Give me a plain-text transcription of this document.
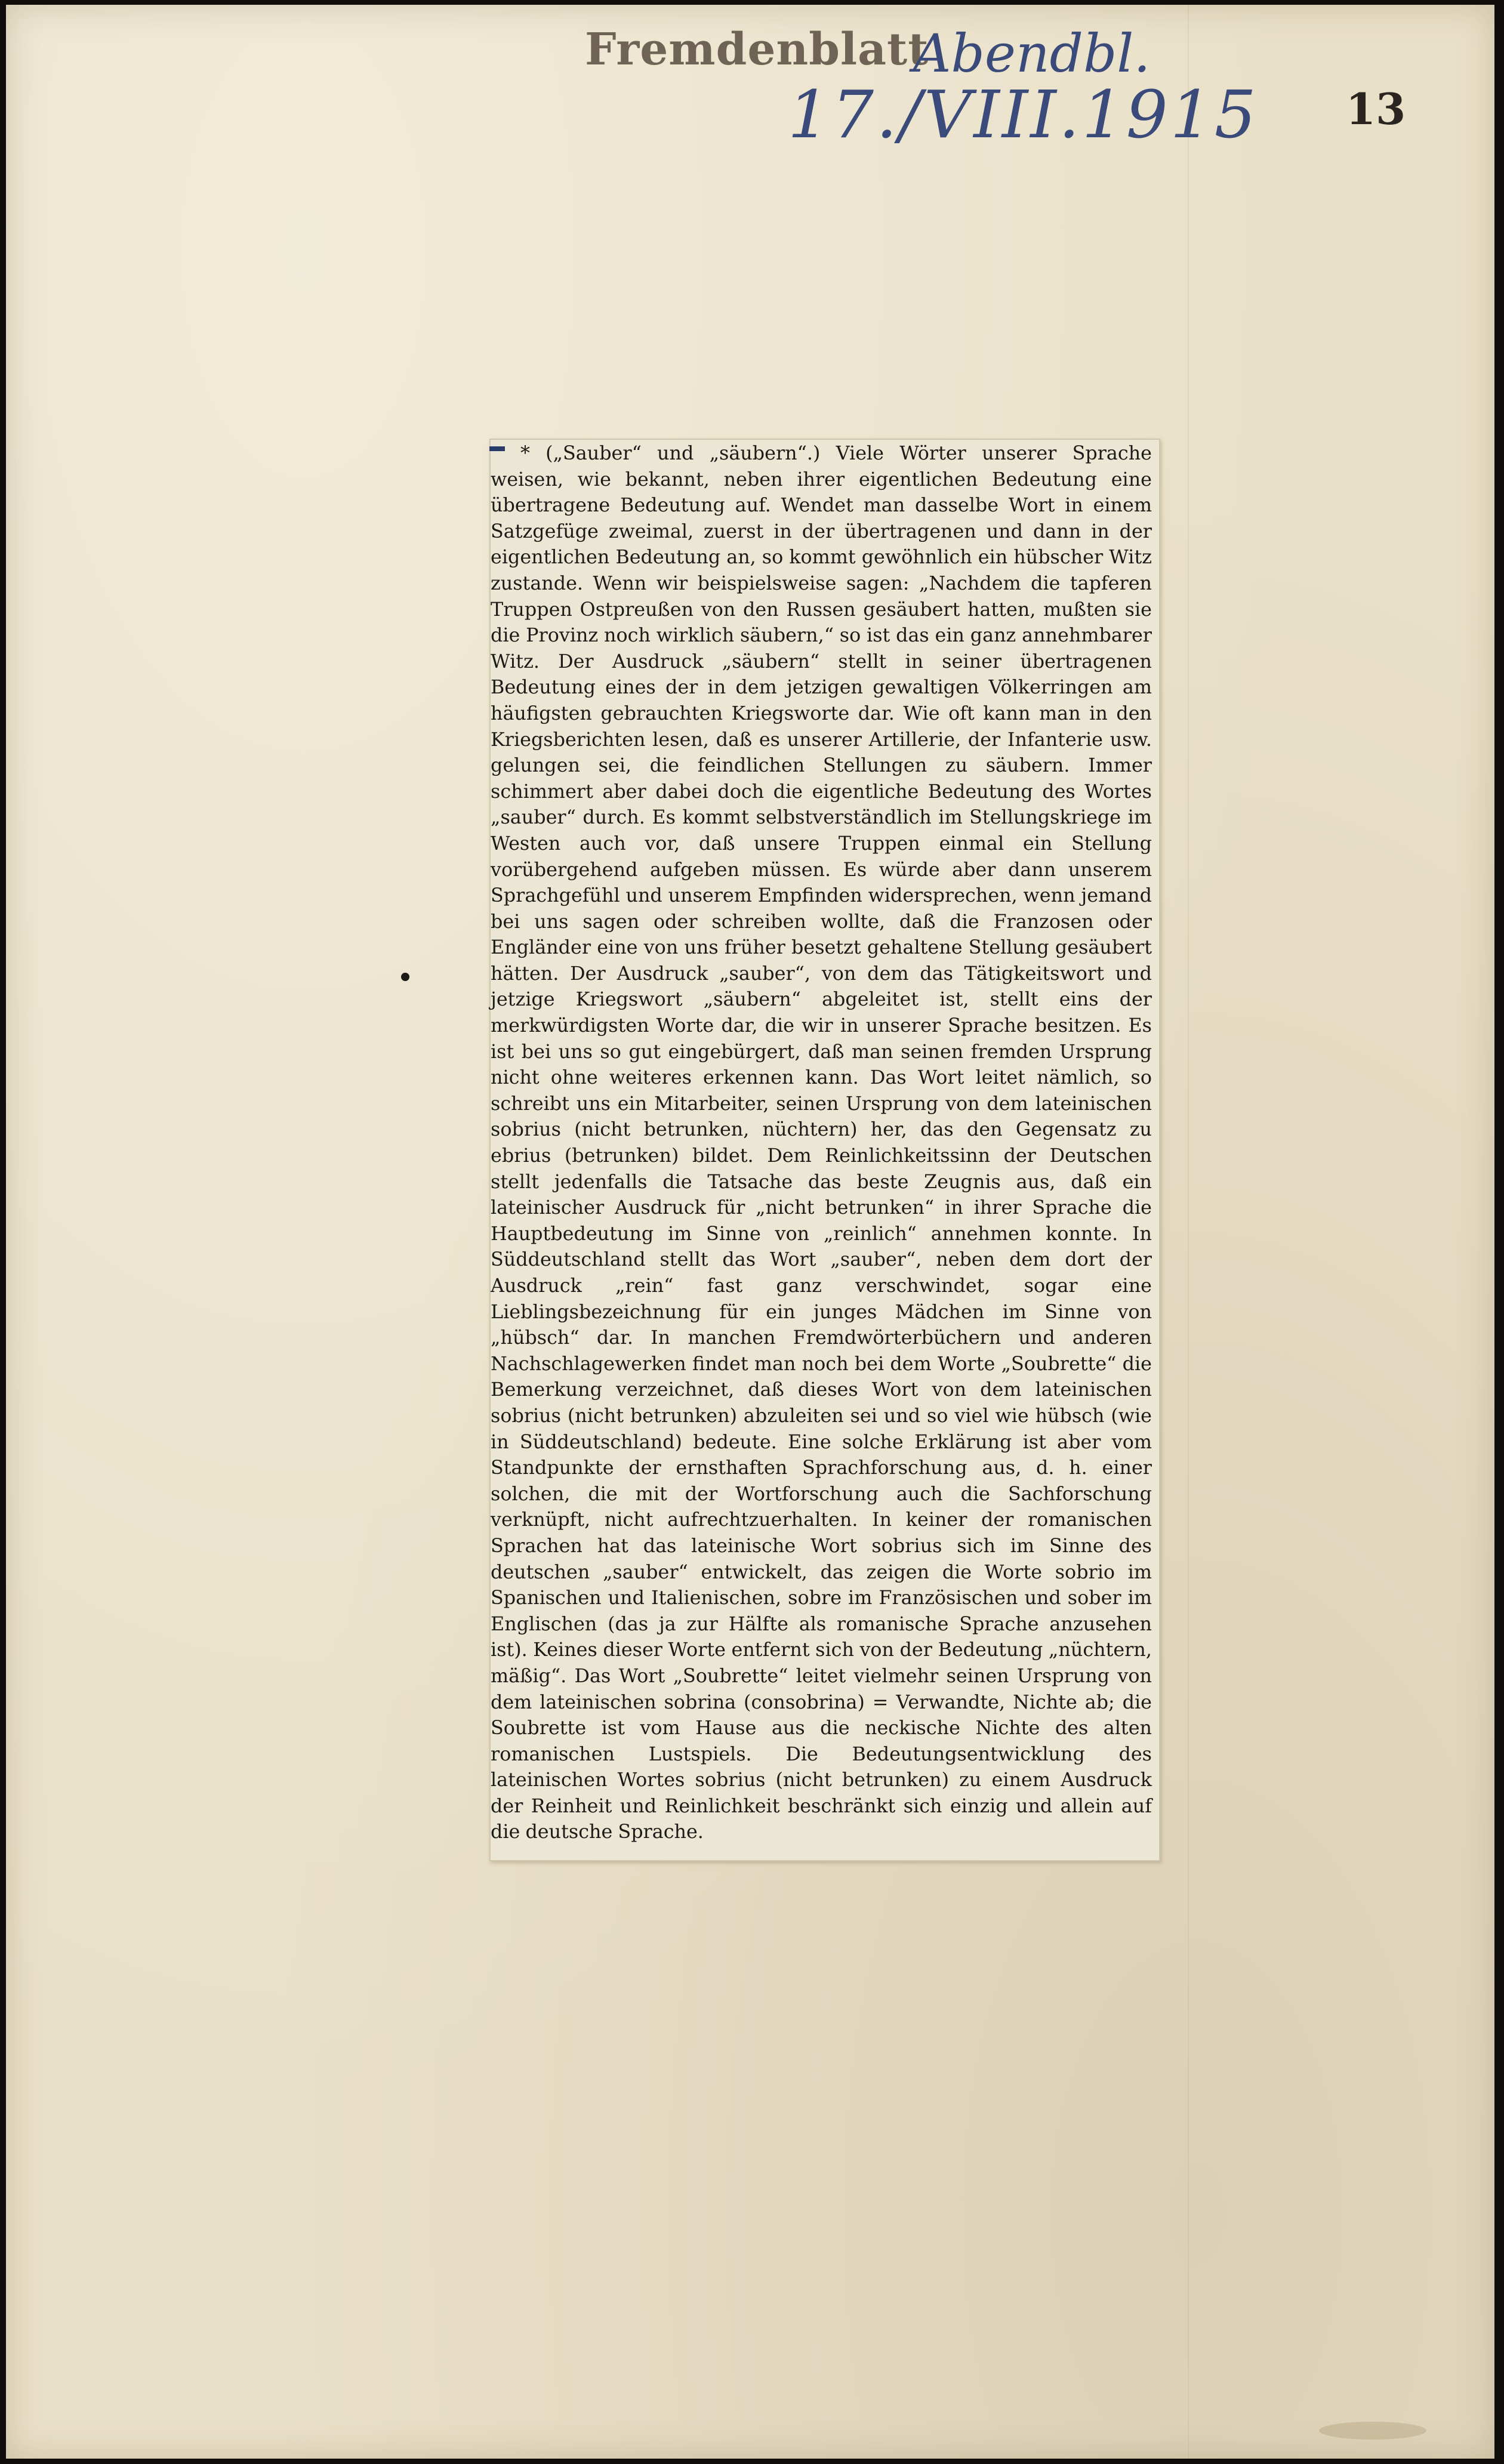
Fremdenblatt
Abendbl.
17./VIII.1915 13
* („Sauber“ und „säubern“.) Viele Wörter unserer Sprache weisen, wie bekannt, neben ihrer eigentlichen Bedeutung eine übertragene Bedeutung auf. Wendet man dasselbe Wort in einem Satzgefüge zweimal, zuerst in der übertragenen und dann in der eigentlichen Bedeutung an, so kommt gewöhnlich ein hübscher Witz zustande. Wenn wir beispielsweise sagen: „Nachdem die tapferen Truppen Ostpreußen von den Russen gesäubert hatten, mußten sie die Provinz noch wirklich säubern,“ so ist das ein ganz annehmbarer Witz. Der Ausdruck „säubern“ stellt in seiner übertragenen Bedeutung eines der in dem jetzigen gewaltigen Völkerringen am häufigsten gebrauchten Kriegsworte dar. Wie oft kann man in den Kriegsberichten lesen, daß es unserer Artillerie, der Infanterie usw. gelungen sei, die feindlichen Stellungen zu säubern. Immer schimmert aber dabei doch die eigentliche Bedeutung des Wortes „sauber“ durch. Es kommt selbstverständlich im Stellungskriege im Westen auch vor, daß unsere Truppen einmal ein Stellung vorübergehend aufgeben müssen. Es würde aber dann unserem Sprachgefühl und unserem Empfinden widersprechen, wenn jemand bei uns sagen oder schreiben wollte, daß die Franzosen oder Engländer eine von uns früher besetzt gehaltene Stellung gesäubert hätten. Der Ausdruck „sauber“, von dem das Tätigkeitswort und jetzige Kriegswort „säubern“ abgeleitet ist, stellt eins der merkwürdigsten Worte dar, die wir in unserer Sprache besitzen. Es ist bei uns so gut eingebürgert, daß man seinen fremden Ursprung nicht ohne weiteres erkennen kann. Das Wort leitet nämlich, so schreibt uns ein Mitarbeiter, seinen Ursprung von dem lateinischen sobrius (nicht betrunken, nüchtern) her, das den Gegensatz zu ebrius (betrunken) bildet. Dem Reinlichkeitssinn der Deutschen stellt jedenfalls die Tatsache das beste Zeugnis aus, daß ein lateinischer Ausdruck für „nicht betrunken“ in ihrer Sprache die Hauptbedeutung im Sinne von „reinlich“ annehmen konnte. In Süddeutschland stellt das Wort „sauber“, neben dem dort der Ausdruck „rein“ fast ganz verschwindet, sogar eine Lieblingsbezeichnung für ein junges Mädchen im Sinne von „hübsch“ dar. In manchen Fremdwörterbüchern und anderen Nachschlagewerken findet man noch bei dem Worte „Soubrette“ die Bemerkung verzeichnet, daß dieses Wort von dem lateinischen sobrius (nicht betrunken) abzuleiten sei und so viel wie hübsch (wie in Süddeutschland) bedeute. Eine solche Erklärung ist aber vom Standpunkte der ernsthaften Sprachforschung aus, d. h. einer solchen, die mit der Wortforschung auch die Sachforschung verknüpft, nicht aufrechtzuerhalten. In keiner der romanischen Sprachen hat das lateinische Wort sobrius sich im Sinne des deutschen „sauber“ entwickelt, das zeigen die Worte sobrio im Spanischen und Italienischen, sobre im Französischen und sober im Englischen (das ja zur Hälfte als romanische Sprache anzusehen ist). Keines dieser Worte entfernt sich von der Bedeutung „nüchtern, mäßig“. Das Wort „Soubrette“ leitet vielmehr seinen Ursprung von dem lateinischen sobrina (consobrina) = Verwandte, Nichte ab; die Soubrette ist vom Hause aus die neckische Nichte des alten romanischen Lustspiels. Die Bedeutungsentwicklung des lateinischen Wortes sobrius (nicht betrunken) zu einem Ausdruck der Reinheit und Reinlichkeit beschränkt sich einzig und allein auf die deutsche Sprache.
